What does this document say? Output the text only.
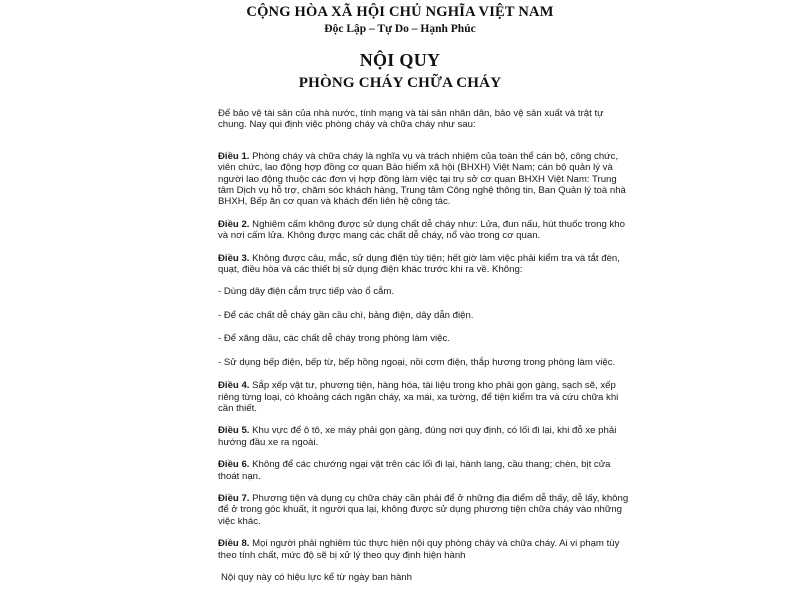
CỘNG HÒA XÃ HỘI CHỦ NGHĨA VIỆT NAM
Độc Lập – Tự Do – Hạnh Phúc
NỘI QUY
PHÒNG CHÁY CHỮA CHÁY

Để bảo vệ tài sản của nhà nước, tính mạng và tài sản nhân dân, bảo vệ sản xuất và trật tự chung. Nay qui định việc phòng cháy và chữa cháy như sau:

Điều 1. Phòng cháy và chữa cháy là nghĩa vụ và trách nhiệm của toàn thể cán bộ, công chức, viên chức, lao động hợp đồng cơ quan Bảo hiểm xã hội (BHXH) Việt Nam; cán bộ quản lý và người lao động thuộc các đơn vị hợp đồng làm việc tại trụ sở cơ quan BHXH Việt Nam: Trung tâm Dịch vụ hỗ trợ, chăm sóc khách hàng, Trung tâm Công nghệ thông tin, Ban Quản lý toà nhà BHXH, Bếp ăn cơ quan và khách đến liên hệ công tác.

Điều 2. Nghiêm cấm không được sử dụng chất dễ cháy như: Lửa, đun nấu, hút thuốc trong kho và nơi cấm lửa. Không được mang các chất dễ cháy, nổ vào trong cơ quan.

Điều 3. Không được câu, mắc, sử dụng điện tùy tiện; hết giờ làm việc phải kiểm tra và tắt đèn, quạt, điều hòa và các thiết bị sử dụng điện khác trước khi ra về. Không:

- Dùng dây điện cắm trực tiếp vào ổ cắm.

- Để các chất dễ cháy gần cầu chì, bảng điện, dây dẫn điện.

- Để xăng dầu, các chất dễ cháy trong phòng làm việc.

- Sử dụng bếp điện, bếp từ, bếp hồng ngoại, nồi cơm điện, thắp hương trong phòng làm việc.

Điều 4. Sắp xếp vật tư, phương tiện, hàng hóa, tài liệu trong kho phải gọn gàng, sạch sẽ, xếp riêng từng loại, có khoảng cách ngăn cháy, xa mái, xa tường, để tiện kiểm tra và cứu chữa khi cần thiết.

Điều 5. Khu vực để ô tô, xe máy phải gọn gàng, đúng nơi quy định, có lối đi lại, khi đỗ xe phải hướng đầu xe ra ngoài.

Điều 6. Không để các chướng ngại vật trên các lối đi lại, hành lang, cầu thang; chèn, bịt cửa thoát nạn.

Điều 7. Phương tiện và dụng cụ chữa cháy cần phải để ở những địa điểm dễ thấy, dễ lấy, không để ở trong góc khuất, ít người qua lại, không được sử dụng phương tiện chữa cháy vào những việc khác.

Điều 8. Mọi người phải nghiêm túc thực hiện nội quy phòng cháy và chữa cháy. Ai vi phạm tùy theo tính chất, mức độ sẽ bị xử lý theo quy định hiện hành

Nội quy này có hiệu lực kể từ ngày ban hành
